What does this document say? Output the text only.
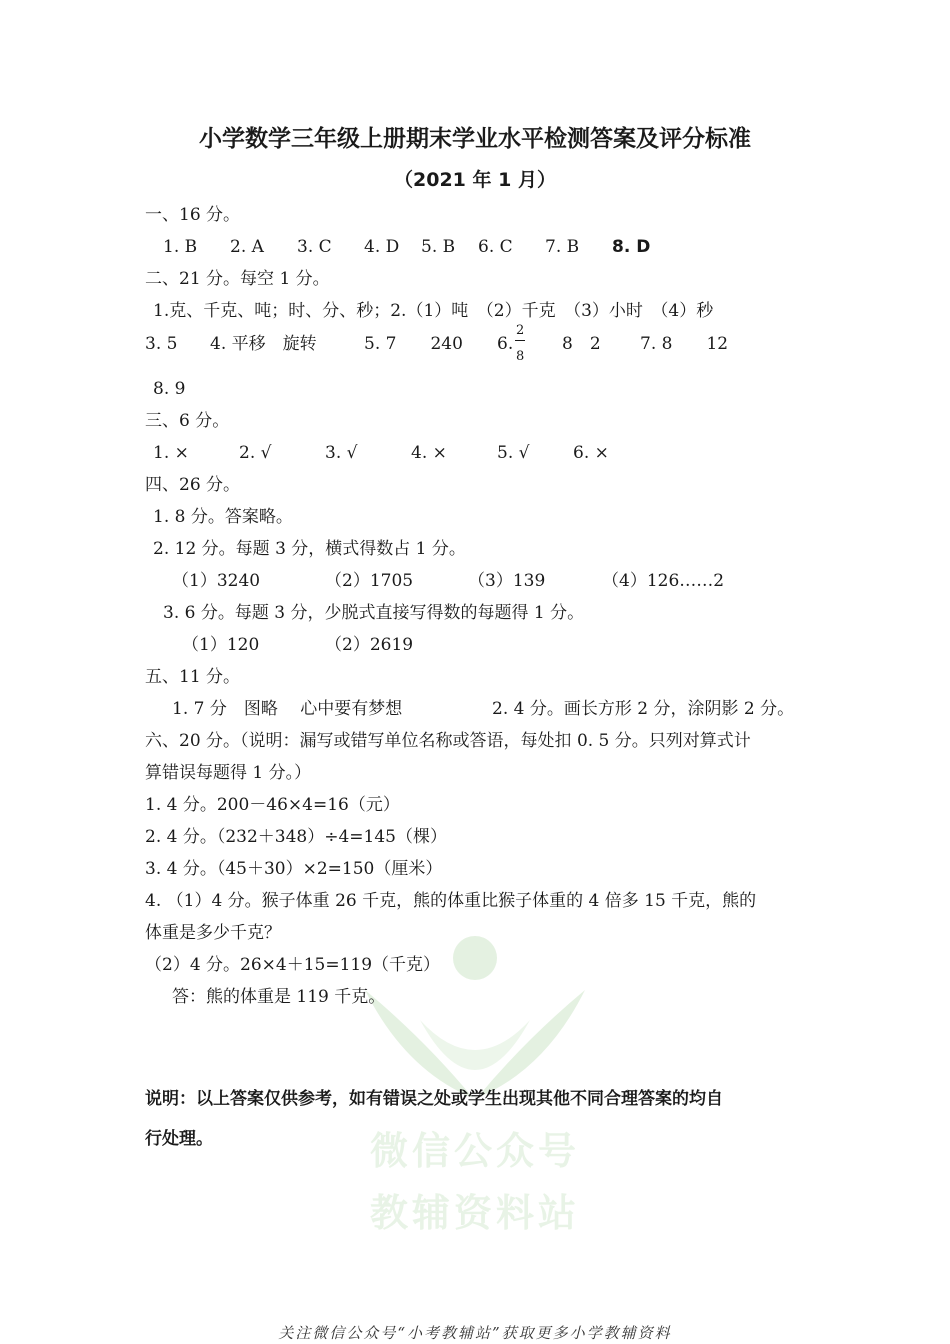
微信公众号
教辅资料站
小学数学三年级上册期末学业水平检测答案及评分标准
（2021 年 1 月）
一、16 分。
1. B 2. A 3. C 4. D 5. B 6. C 7. B 8. D
二、21 分。每空 1 分。
1.克、千克、吨；时、分、秒；2.（1）吨　（2）千克　（3）小时　（4）秒
3. 5 4. 平移　旋转	5. 7　　240 6.
2
8
8　2 7. 8　　12
8. 9
三、6 分。
1. ×	2. √	3. √	4. ×	5. √	6. ×
四、26 分。
1. 8 分。答案略。
2. 12 分。每题 3 分，横式得数占 1 分。
（1）3240	（2）1705	（3）139	（4）126……2
3. 6 分。每题 3 分，少脱式直接写得数的每题得 1 分。
（1）120	（2）2619
五、11 分。
1. 7 分　图略　 心中要有梦想	2. 4 分。画长方形 2 分，涂阴影 2 分。
六、20 分。（说明：漏写或错写单位名称或答语，每处扣 0. 5 分。只列对算式计
算错误每题得 1 分。）
1. 4 分。200－46×4=16（元）
2. 4 分。（232＋348）÷4=145（棵）
3. 4 分。（45＋30）×2=150（厘米）
4. （1）4 分。猴子体重 26 千克，熊的体重比猴子体重的 4 倍多 15 千克，熊的
体重是多少千克？
（2）4 分。26×4＋15=119（千克）
答：熊的体重是 119 千克。
说明：以上答案仅供参考，如有错误之处或学生出现其他不同合理答案的均自
行处理。
关注微信公众号“小考教辅站”获取更多小学教辅资料
